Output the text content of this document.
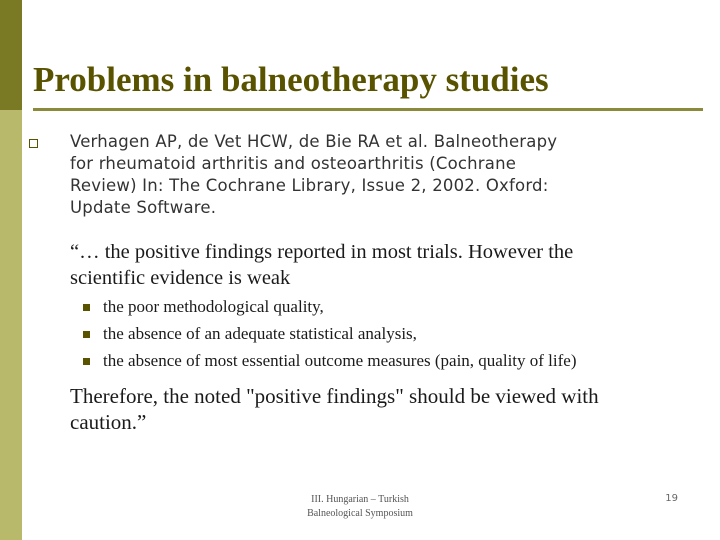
Problems in balneotherapy studies
Verhagen AP, de Vet HCW, de Bie RA et al. Balneotherapy
for rheumatoid arthritis and osteoarthritis (Cochrane
Review) In: The Cochrane Library, Issue 2, 2002. Oxford:
Update Software.
“… the positive findings reported in most trials. However the
scientific evidence is weak
the poor methodological quality,
the absence of an adequate statistical analysis,
the absence of most essential outcome measures (pain, quality of life)
Therefore, the noted "positive findings" should be viewed with
caution.”
III. Hungarian – Turkish
Balneological Symposium
19
